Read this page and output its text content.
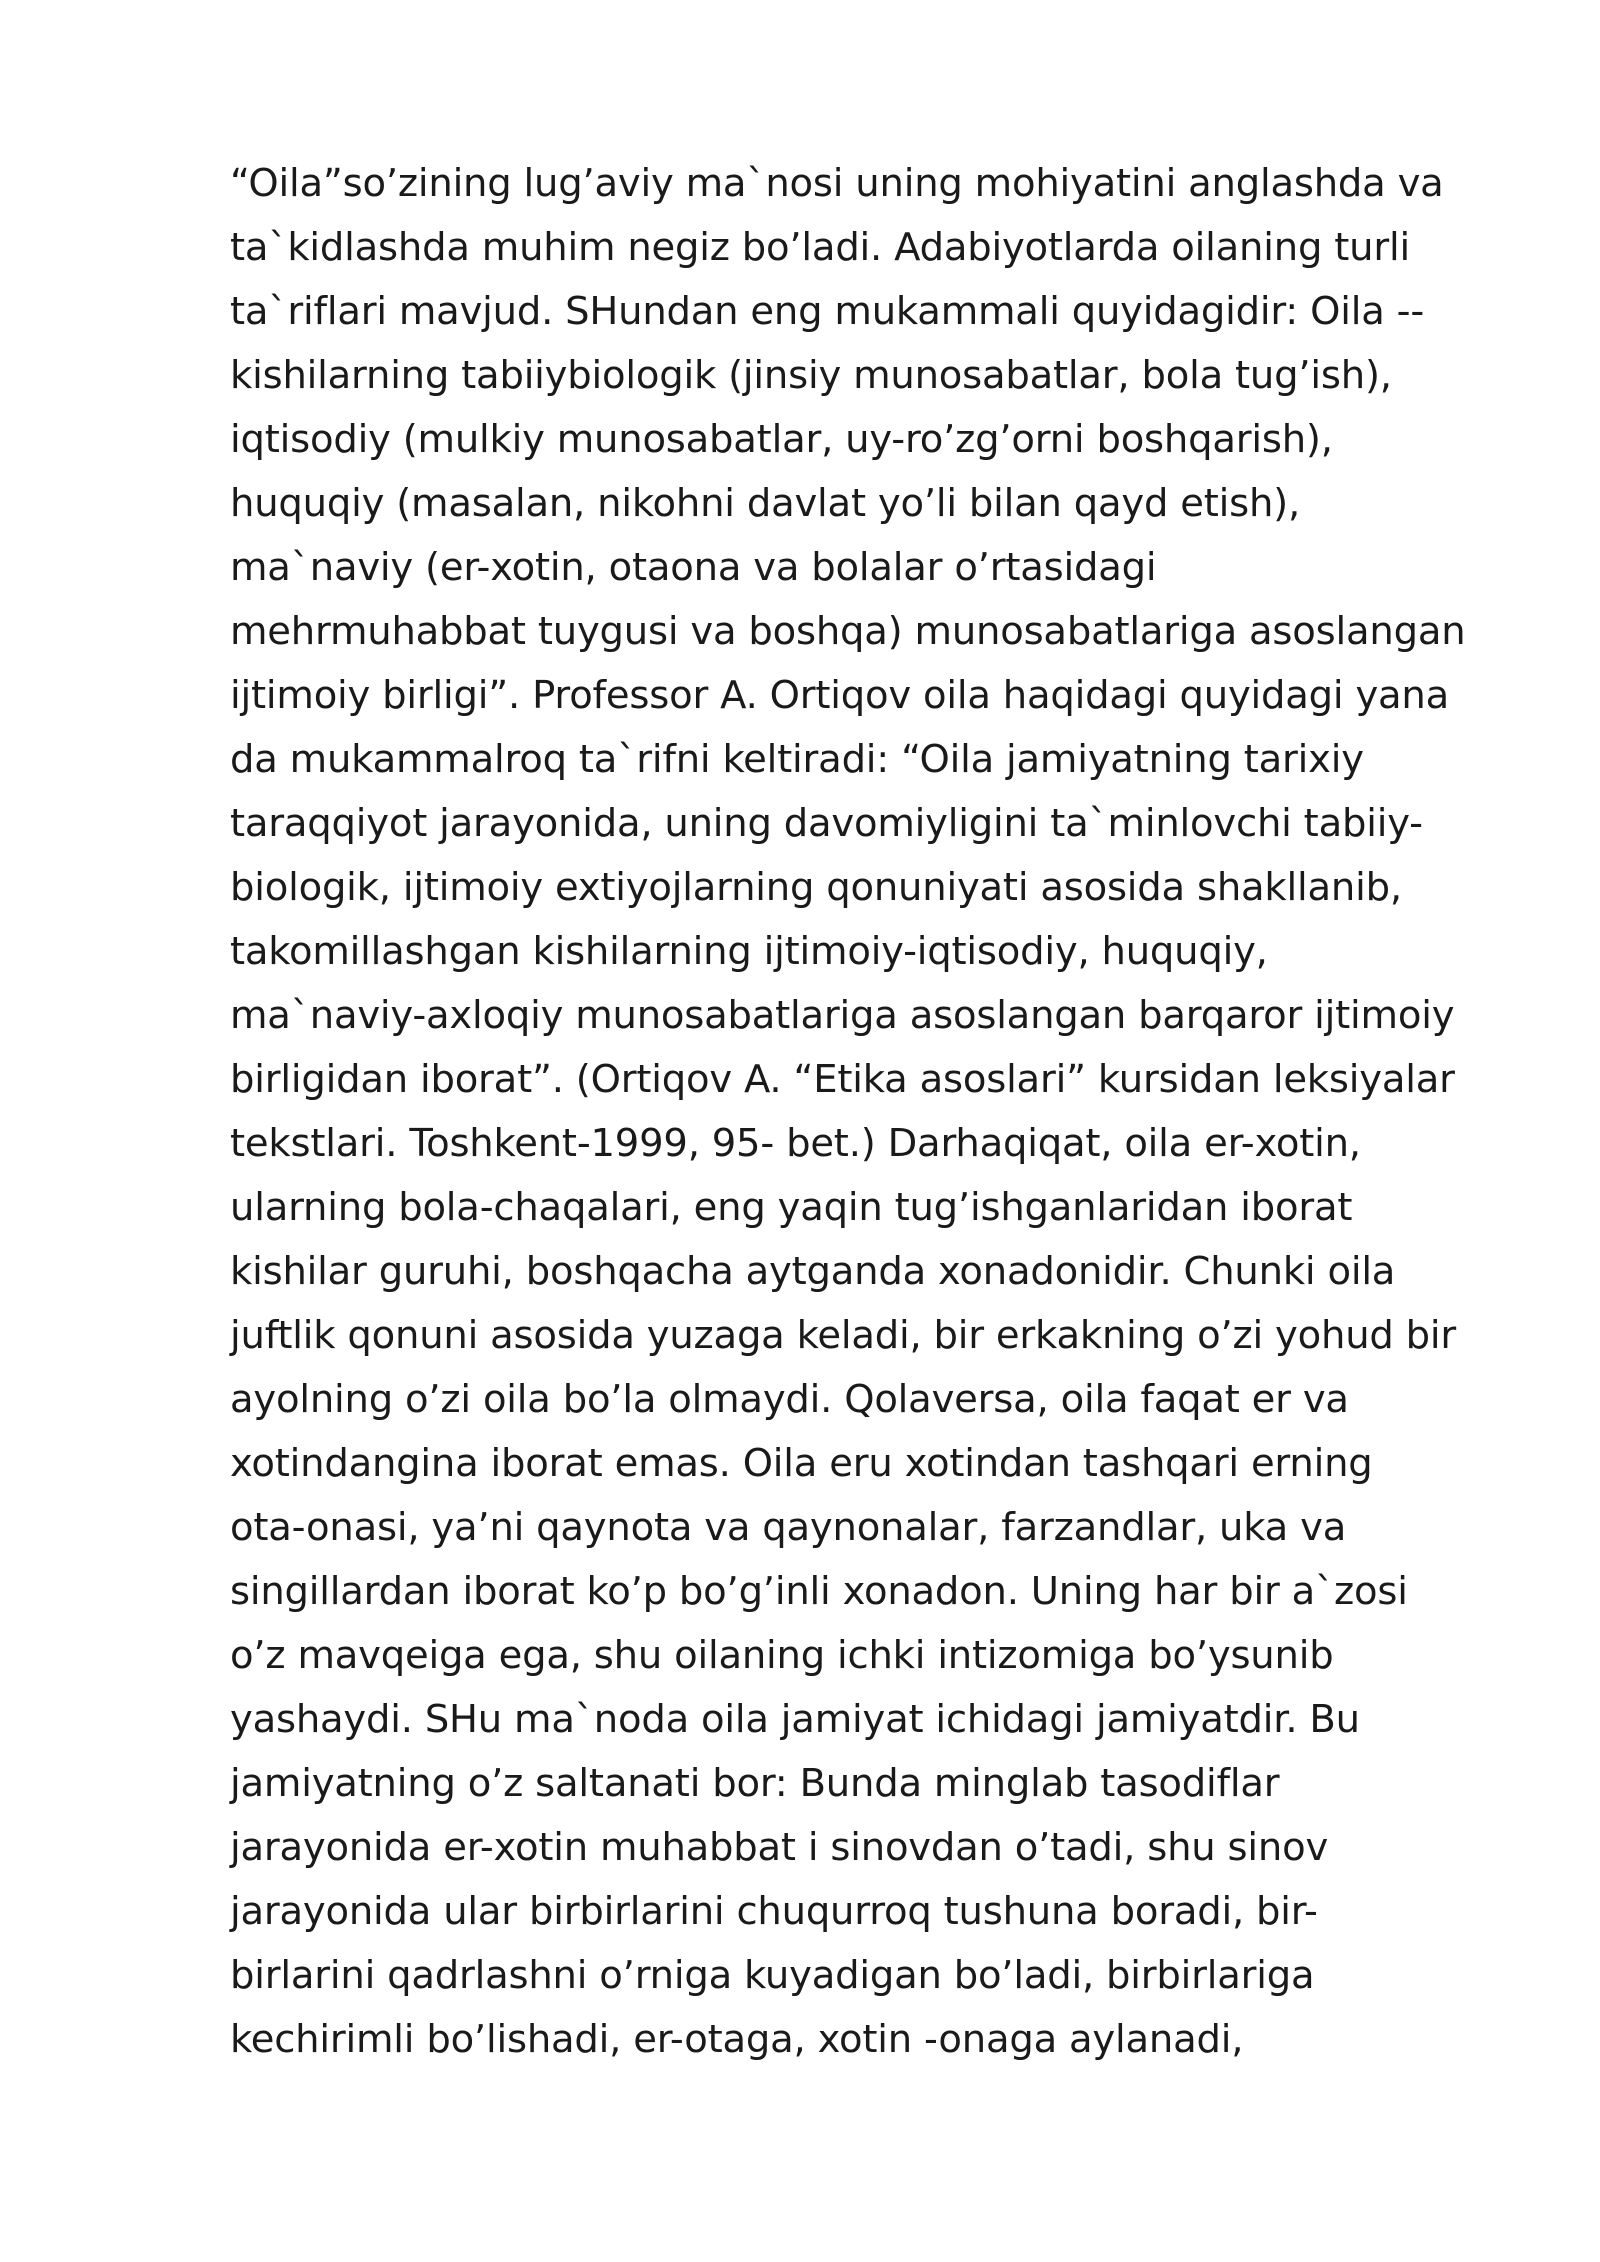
“Oila”so’zining lug’aviy ma`nosi uning mohiyatini anglashda va
ta`kidlashda muhim negiz bo’ladi. Adabiyotlarda oilaning turli
ta`riflari mavjud. SHundan eng mukammali quyidagidir: Oila --
kishilarning tabiiybiologik (jinsiy munosabatlar, bola tug’ish),
iqtisodiy (mulkiy munosabatlar, uy-ro’zg’orni boshqarish),
huquqiy (masalan, nikohni davlat yo’li bilan qayd etish),
ma`naviy (er-xotin, otaona va bolalar o’rtasidagi
mehrmuhabbat tuygusi va boshqa) munosabatlariga asoslangan
ijtimoiy birligi”. Professor A. Ortiqov oila haqidagi quyidagi yana
da mukammalroq ta`rifni keltiradi: “Oila jamiyatning tarixiy
taraqqiyot jarayonida, uning davomiyligini ta`minlovchi tabiiy-
biologik, ijtimoiy extiyojlarning qonuniyati asosida shakllanib,
takomillashgan kishilarning ijtimoiy-iqtisodiy, huquqiy,
ma`naviy-axloqiy munosabatlariga asoslangan barqaror ijtimoiy
birligidan iborat”. (Ortiqov A. “Etika asoslari” kursidan leksiyalar
tekstlari. Toshkent-1999, 95- bet.) Darhaqiqat, oila er-xotin,
ularning bola-chaqalari, eng yaqin tug’ishganlaridan iborat
kishilar guruhi, boshqacha aytganda xonadonidir. Chunki oila
juftlik qonuni asosida yuzaga keladi, bir erkakning o’zi yohud bir
ayolning o’zi oila bo’la olmaydi. Qolaversa, oila faqat er va
xotindangina iborat emas. Oila eru xotindan tashqari erning
ota-onasi, ya’ni qaynota va qaynonalar, farzandlar, uka va
singillardan iborat ko’p bo’g’inli xonadon. Uning har bir a`zosi
o’z mavqeiga ega, shu oilaning ichki intizomiga bo’ysunib
yashaydi. SHu ma`noda oila jamiyat ichidagi jamiyatdir. Bu
jamiyatning o’z saltanati bor: Bunda minglab tasodiflar
jarayonida er-xotin muhabbat i sinovdan o’tadi, shu sinov
jarayonida ular birbirlarini chuqurroq tushuna boradi, bir-
birlarini qadrlashni o’rniga kuyadigan bo’ladi, birbirlariga
kechirimli bo’lishadi, er-otaga, xotin -onaga aylanadi,
